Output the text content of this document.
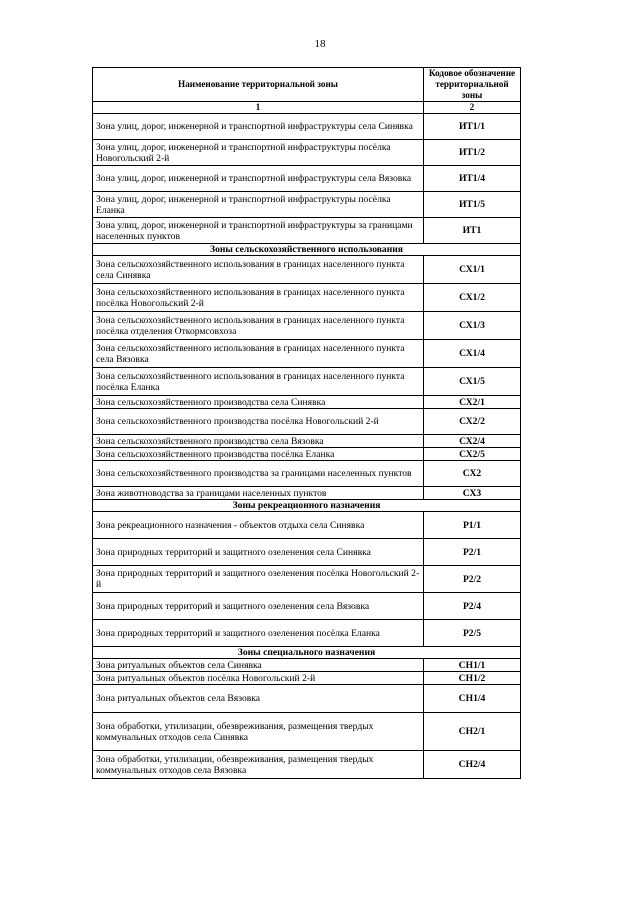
18
Наименование территориальной зоны	Кодовое обозначение территориальной зоны
1	2
Зона улиц, дорог, инженерной и транспортной инфраструктуры села Синявка	ИТ1/1
Зона улиц, дорог, инженерной и транспортной инфраструктуры посёлка Новогольский 2-й	ИТ1/2
Зона улиц, дорог, инженерной и транспортной инфраструктуры села Вязовка	ИТ1/4
Зона улиц, дорог, инженерной и транспортной инфраструктуры посёлка Еланка	ИТ1/5
Зона улиц, дорог, инженерной и транспортной инфраструктуры за границами населенных пунктов	ИТ1
Зоны сельскохозяйственного использования	
Зона сельскохозяйственного использования в границах населенного пункта села Синявка	СХ1/1
Зона сельскохозяйственного использования в границах населенного пункта посёлка Новогольский 2-й	СХ1/2
Зона сельскохозяйственного использования в границах населенного пункта посёлка отделения Откормсовхоза	СХ1/3
Зона сельскохозяйственного использования в границах населенного пункта села Вязовка	СХ1/4
Зона сельскохозяйственного использования в границах населенного пункта посёлка Еланка	СХ1/5
Зона сельскохозяйственного производства села Синявка	СХ2/1
Зона сельскохозяйственного производства посёлка Новогольский 2-й	СХ2/2
Зона сельскохозяйственного производства села Вязовка	СХ2/4
Зона сельскохозяйственного производства посёлка Еланка	СХ2/5
Зона сельскохозяйственного производства за границами населенных пунктов	СХ2
Зона животноводства за границами населенных пунктов	СХ3
Зоны рекреационного назначения	
Зона рекреационного назначения - объектов отдыха села Синявка	Р1/1
Зона природных территорий и защитного озеленения села Синявка	Р2/1
Зона природных территорий и защитного озеленения посёлка Новогольский 2-й	Р2/2
Зона природных территорий и защитного озеленения села Вязовка	Р2/4
Зона природных территорий и защитного озеленения посёлка Еланка	Р2/5
Зоны специального назначения	
Зона ритуальных объектов села Синявка	СН1/1
Зона ритуальных объектов посёлка Новогольский 2-й	СН1/2
Зона ритуальных объектов села Вязовка	СН1/4
Зона обработки, утилизации, обезвреживания, размещения твердых коммунальных отходов села Синявка	СН2/1
Зона обработки, утилизации, обезвреживания, размещения твердых коммунальных отходов села Вязовка	СН2/4
